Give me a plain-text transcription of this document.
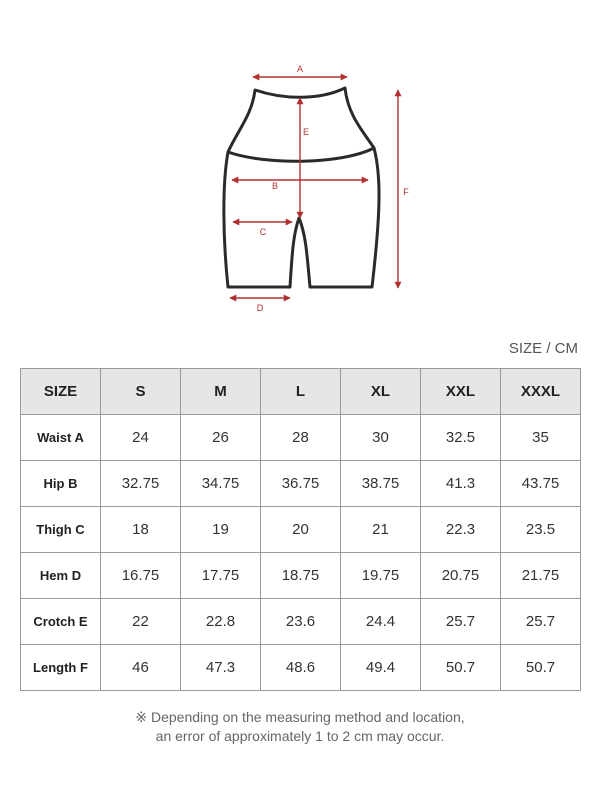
A
E
B
C
D
F
SIZE / CM
SIZE	S	M	L	XL	XXL	XXXL
Waist A	24	26	28	30	32.5	35
Hip B	32.75	34.75	36.75	38.75	41.3	43.75
Thigh C	18	19	20	21	22.3	23.5
Hem D	16.75	17.75	18.75	19.75	20.75	21.75
Crotch E	22	22.8	23.6	24.4	25.7	25.7
Length F	46	47.3	48.6	49.4	50.7	50.7
※ Depending on the measuring method and location,
an error of approximately 1 to 2 cm may occur.
